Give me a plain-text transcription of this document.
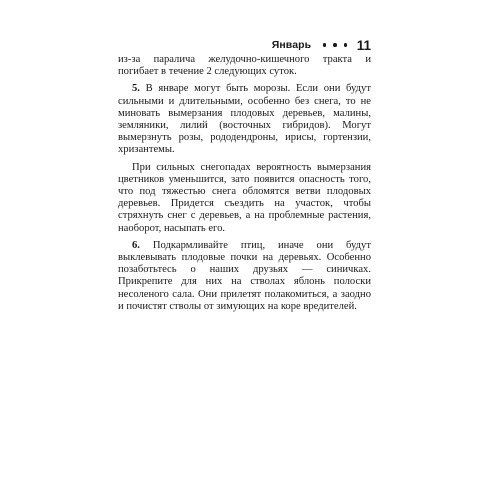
Январь	11

из-за паралича желудочно-кишечного тракта и погибает в течение 2 следующих суток.

5. В январе могут быть морозы. Если они будут сильными и длительными, особенно без снега, то не миновать вымерзания плодовых деревьев, малины, земляники, лилий (восточных гибридов). Могут вымерзнуть розы, рододендроны, ирисы, гортензии, хризантемы.

При сильных снегопадах вероятность вымерзания цветников уменьшится, зато появится опасность того, что под тяжестью снега обломятся ветви плодовых деревьев. Придется съездить на участок, чтобы стряхнуть снег с деревьев, а на проблемные растения, наоборот, насыпать его.

6. Подкармливайте птиц, иначе они будут выклевывать плодовые почки на деревьях. Особенно позаботьтесь о наших друзьях — синичках. Прикрепите для них на стволах яблонь полоски несоленого сала. Они прилетят полакомиться, а заодно и почистят стволы от зимующих на коре вредителей.
